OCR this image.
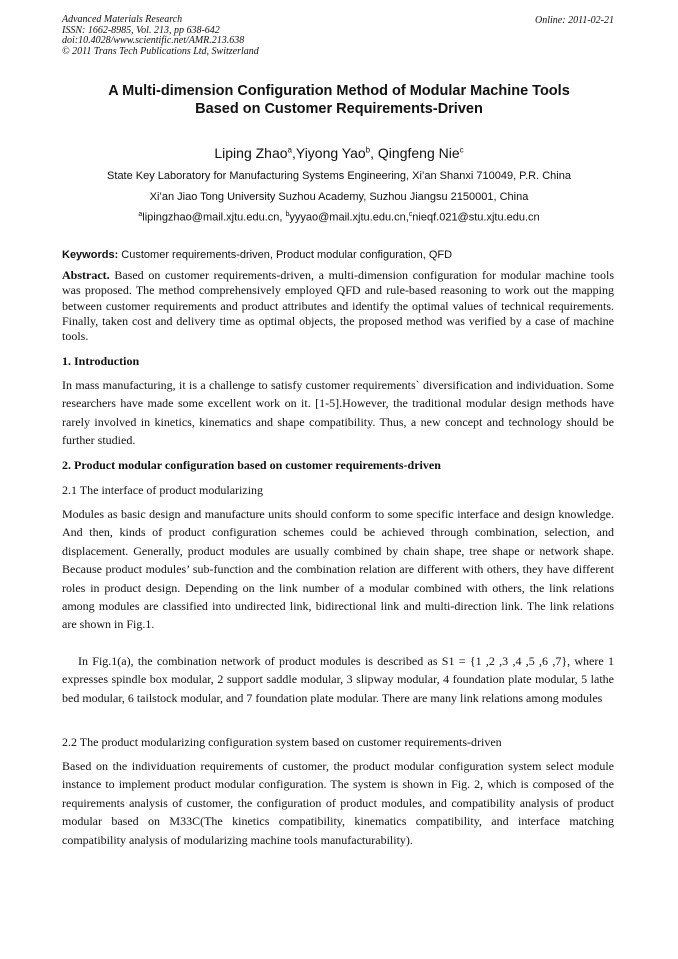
Advanced Materials Research
ISSN: 1662-8985, Vol. 213, pp 638-642
doi:10.4028/www.scientific.net/AMR.213.638
© 2011 Trans Tech Publications Ltd, Switzerland
Online: 2011-02-21
A Multi-dimension Configuration Method of Modular Machine Tools
Based on Customer Requirements-Driven
Liping Zhao$^a$,Yiyong Yao$^b$, Qingfeng Nie$^c$
State Key Laboratory for Manufacturing Systems Engineering, Xi’an Shanxi 710049, P.R. China
Xi’an Jiao Tong University Suzhou Academy, Suzhou Jiangsu 2150001, China
$^a$lipingzhao@mail.xjtu.edu.cn, $^b$yyyao@mail.xjtu.edu.cn,$^c$nieqf.021@stu.xjtu.edu.cn
Keywords: Customer requirements-driven, Product modular configuration, QFD
Abstract. Based on customer requirements-driven, a multi-dimension configuration for modular machine tools was proposed. The method comprehensively employed QFD and rule-based reasoning to work out the mapping between customer requirements and product attributes and identify the optimal values of technical requirements. Finally, taken cost and delivery time as optimal objects, the proposed method was verified by a case of machine tools.
1. Introduction
In mass manufacturing, it is a challenge to satisfy customer requirements` diversification and individuation. Some researchers have made some excellent work on it. [1-5].However, the traditional modular design methods have rarely involved in kinetics, kinematics and shape compatibility. Thus, a new concept and technology should be further studied.
2. Product modular configuration based on customer requirements-driven
2.1 The interface of product modularizing
Modules as basic design and manufacture units should conform to some specific interface and design knowledge. And then, kinds of product configuration schemes could be achieved through combination, selection, and displacement. Generally, product modules are usually combined by chain shape, tree shape or network shape. Because product modules’ sub-function and the combination relation are different with others, they have different roles in product design. Depending on the link number of a modular combined with others, the link relations among modules are classified into undirected link, bidirectional link and multi-direction link. The link relations are shown in Fig.1.
In Fig.1(a), the combination network of product modules is described as S1 = {1 ,2 ,3 ,4 ,5 ,6 ,7}, where 1 expresses spindle box modular, 2 support saddle modular, 3 slipway modular, 4 foundation plate modular, 5 lathe bed modular, 6 tailstock modular, and 7 foundation plate modular. There are many link relations among modules
2.2 The product modularizing configuration system based on customer requirements-driven
Based on the individuation requirements of customer, the product modular configuration system select module instance to implement product modular configuration. The system is shown in Fig. 2, which is composed of the requirements analysis of customer, the configuration of product modules, and compatibility analysis of product modular based on M33C(The kinetics compatibility, kinematics compatibility, and interface matching compatibility analysis of modularizing machine tools manufacturability).
